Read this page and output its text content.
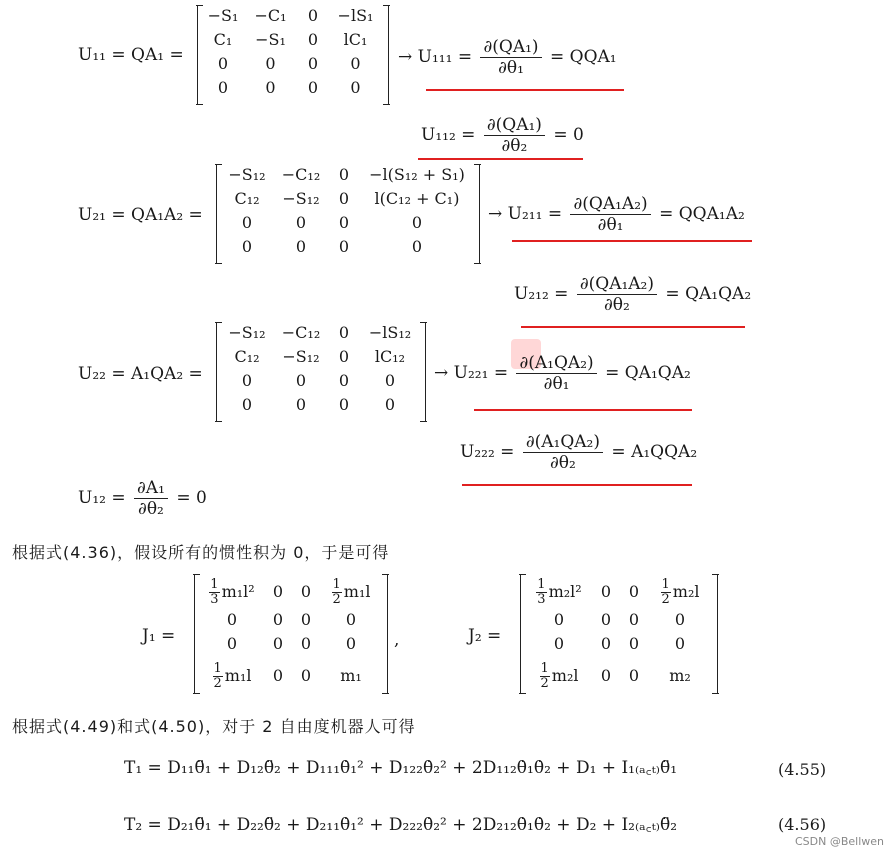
U₁₁ = QA₁ =
−S₁	−C₁	0	−lS₁
C₁	−S₁	0	lC₁
0	0	0	0
0	0	0	0
→ $U_{111} = \frac{\text{∂(QA₁)}}{\text{∂θ₁}} = QQA_1$
$U_{112} = \frac{\text{∂(QA₁)}}{\text{∂θ₂}} = 0$
U₂₁ = QA₁A₂ =
−S₁₂	−C₁₂	0	−l(S₁₂ + S₁)
C₁₂	−S₁₂	0	l(C₁₂ + C₁)
0	0	0	0
0	0	0	0
→ $U_{211} = \frac{\text{∂(QA₁A₂)}}{\text{∂θ₁}} = QQA_1A_2$
$U_{212} = \frac{\text{∂(QA₁A₂)}}{\text{∂θ₂}} = QA_1QA_2$
U₂₂ = A₁QA₂ =
−S₁₂	−C₁₂	0	−lS₁₂
C₁₂	−S₁₂	0	lC₁₂
0	0	0	0
0	0	0	0
→ $U_{221} = \frac{\text{∂(A₁QA₂)}}{\text{∂θ₁}} = QA_1QA_2$
$U_{222} = \frac{\text{∂(A₁QA₂)}}{\text{∂θ₂}} = A_1QQA_2$
$U_{12} = \frac{\text{∂A₁}}{\text{∂θ₂}} = 0$
根据式(4.36)，假设所有的惯性积为 0，于是可得
J₁ =
$\frac{1}{3} m_1l^2$	0	0	$\frac{1}{2} m_1l$
0	0	0	0
0	0	0	0
$\frac{1}{2} m_1l$	0	0	m₁
,	J₂ =
$\frac{1}{3} m_2l^2$	0	0	$\frac{1}{2} m_2l$
0	0	0	0
0	0	0	0
$\frac{1}{2} m_2l$	0	0	m₂
根据式(4.49)和式(4.50)，对于 2 自由度机器人可得
T₁ = D₁₁θ̈₁ + D₁₂θ̈₂ + D₁₁₁θ̇₁² + D₁₂₂θ̇₂² + 2D₁₁₂θ̇₁θ̇₂ + D₁ + I₁₍ₐ꜀ₜ₎θ̈₁	(4.55)
T₂ = D₂₁θ̈₁ + D₂₂θ̈₂ + D₂₁₁θ̇₁² + D₂₂₂θ̇₂² + 2D₂₁₂θ̇₁θ̇₂ + D₂ + I₂₍ₐ꜀ₜ₎θ̈₂	(4.56)
CSDN @Bellwen
